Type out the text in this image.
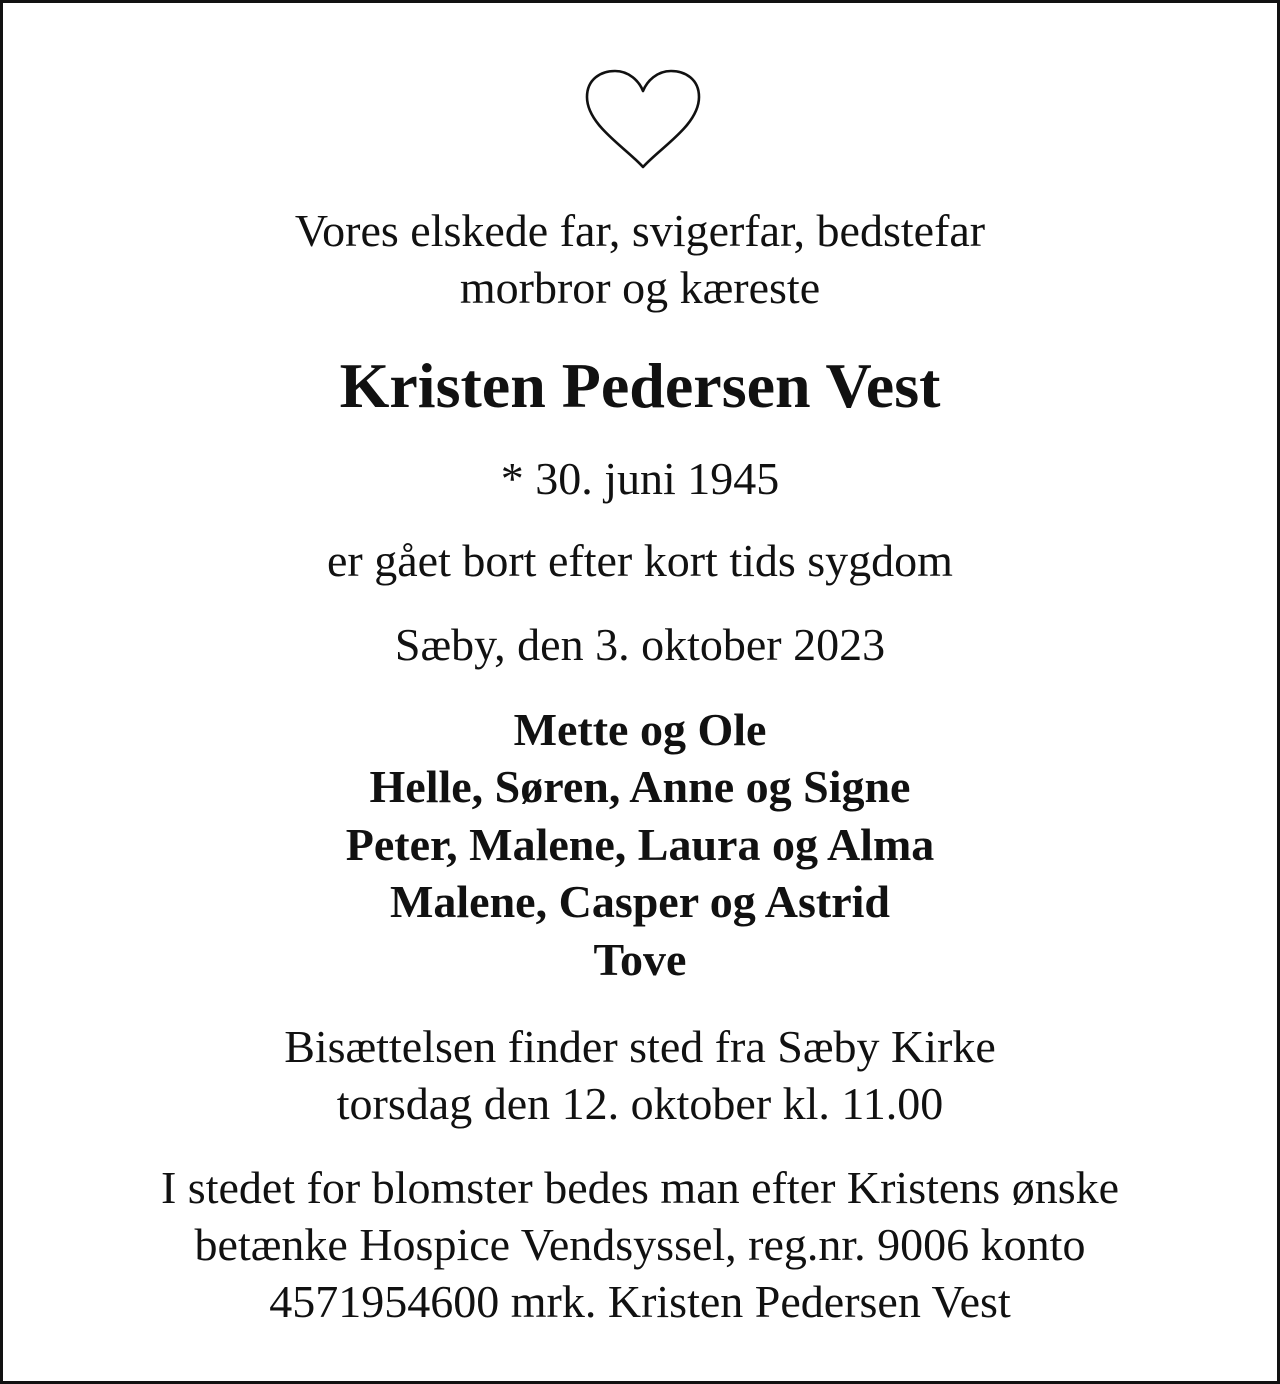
Vores elskede far, svigerfar, bedstefar
morbror og kæreste
Kristen Pedersen Vest
* 30. juni 1945
er gået bort efter kort tids sygdom
Sæby, den 3. oktober 2023
Mette og Ole
Helle, Søren, Anne og Signe
Peter, Malene, Laura og Alma
Malene, Casper og Astrid
Tove
Bisættelsen finder sted fra Sæby Kirke
torsdag den 12. oktober kl. 11.00
I stedet for blomster bedes man efter Kristens ønske
betænke Hospice Vendsyssel, reg.nr. 9006 konto
4571954600 mrk. Kristen Pedersen Vest
